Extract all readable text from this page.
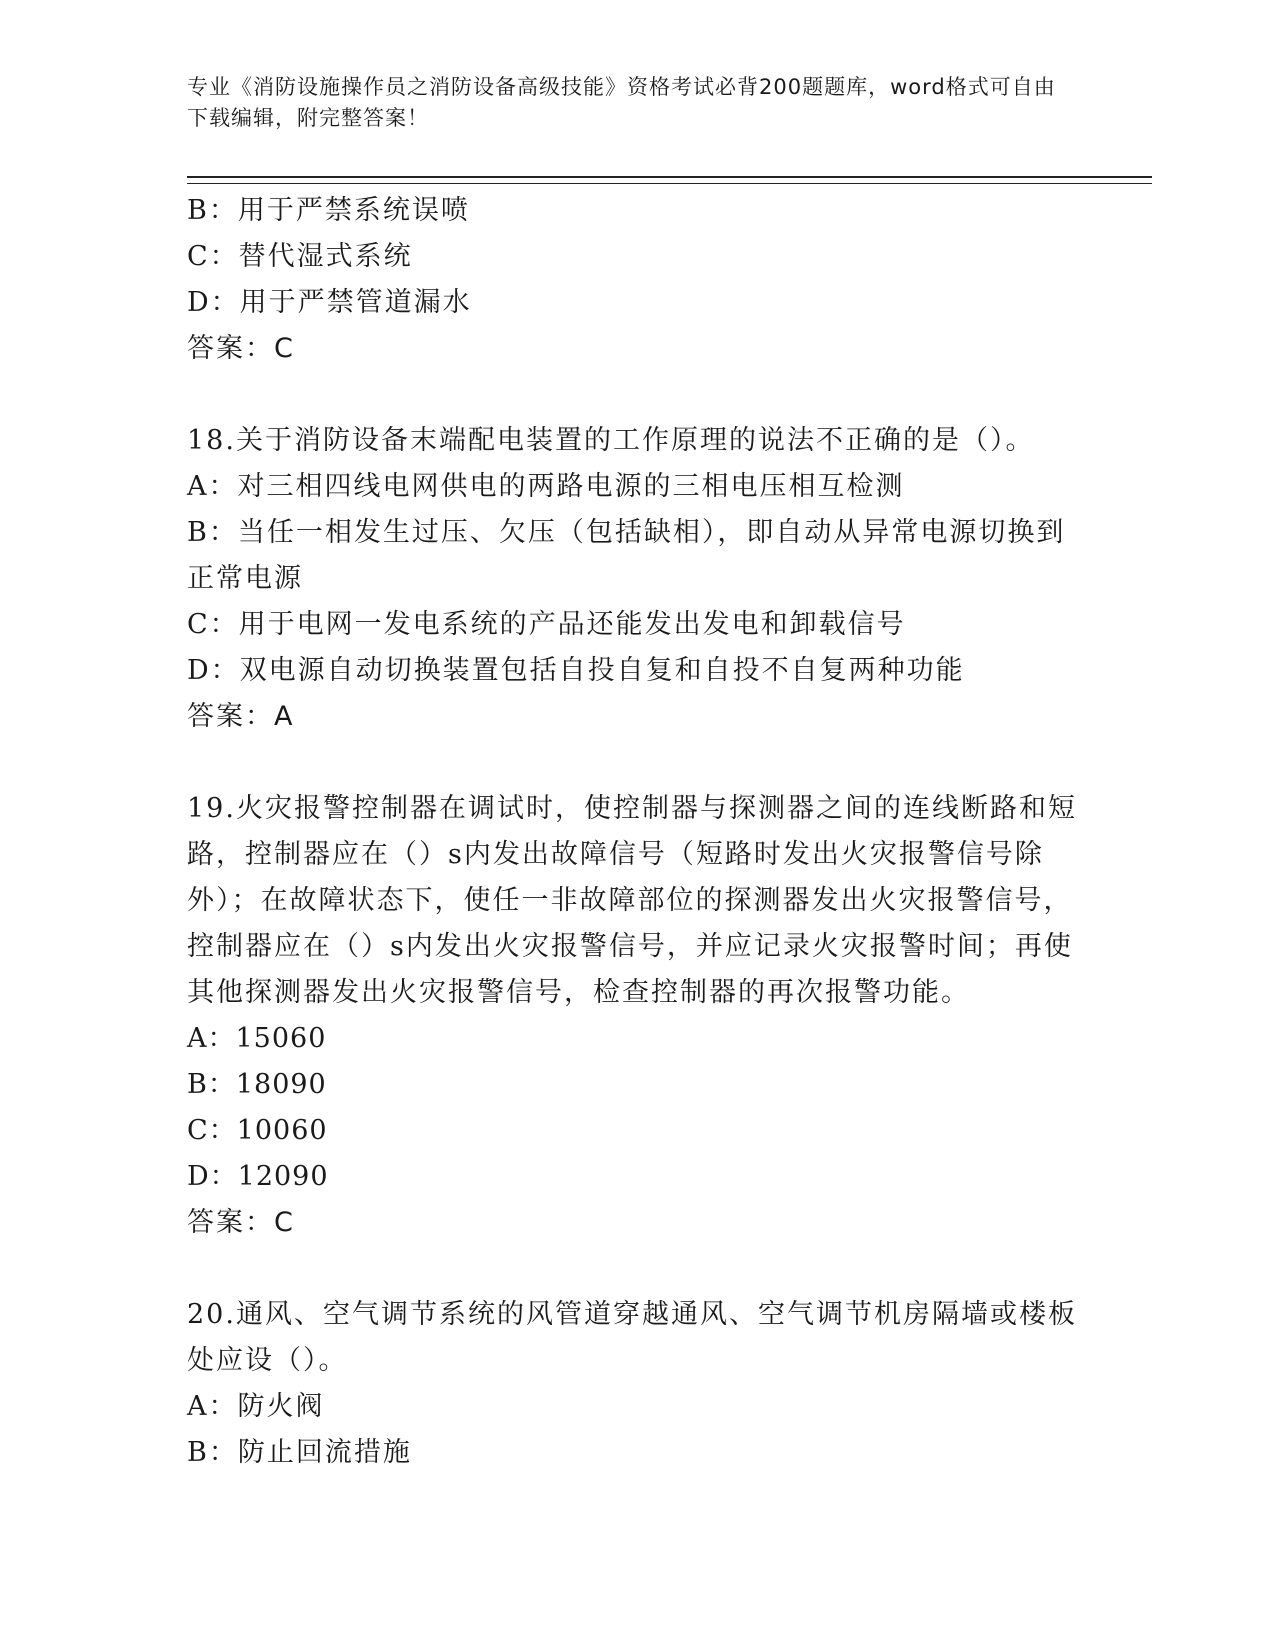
专业《消防设施操作员之消防设备高级技能》资格考试必背200题题库，word格式可自由下载编辑，附完整答案！
B：用于严禁系统误喷
C：替代湿式系统
D：用于严禁管道漏水
答案：C
18.关于消防设备末端配电装置的工作原理的说法不正确的是（）。
A：对三相四线电网供电的两路电源的三相电压相互检测
B：当任一相发生过压、欠压（包括缺相），即自动从异常电源切换到正常电源
C：用于电网一发电系统的产品还能发出发电和卸载信号
D：双电源自动切换装置包括自投自复和自投不自复两种功能
答案：A
19.火灾报警控制器在调试时，使控制器与探测器之间的连线断路和短路，控制器应在（）s内发出故障信号（短路时发出火灾报警信号除外）；在故障状态下，使任一非故障部位的探测器发出火灾报警信号，控制器应在（）s内发出火灾报警信号，并应记录火灾报警时间；再使其他探测器发出火灾报警信号，检查控制器的再次报警功能。
A：15060
B：18090
C：10060
D：12090
答案：C
20.通风、空气调节系统的风管道穿越通风、空气调节机房隔墙或楼板处应设（）。
A：防火阀
B：防止回流措施
